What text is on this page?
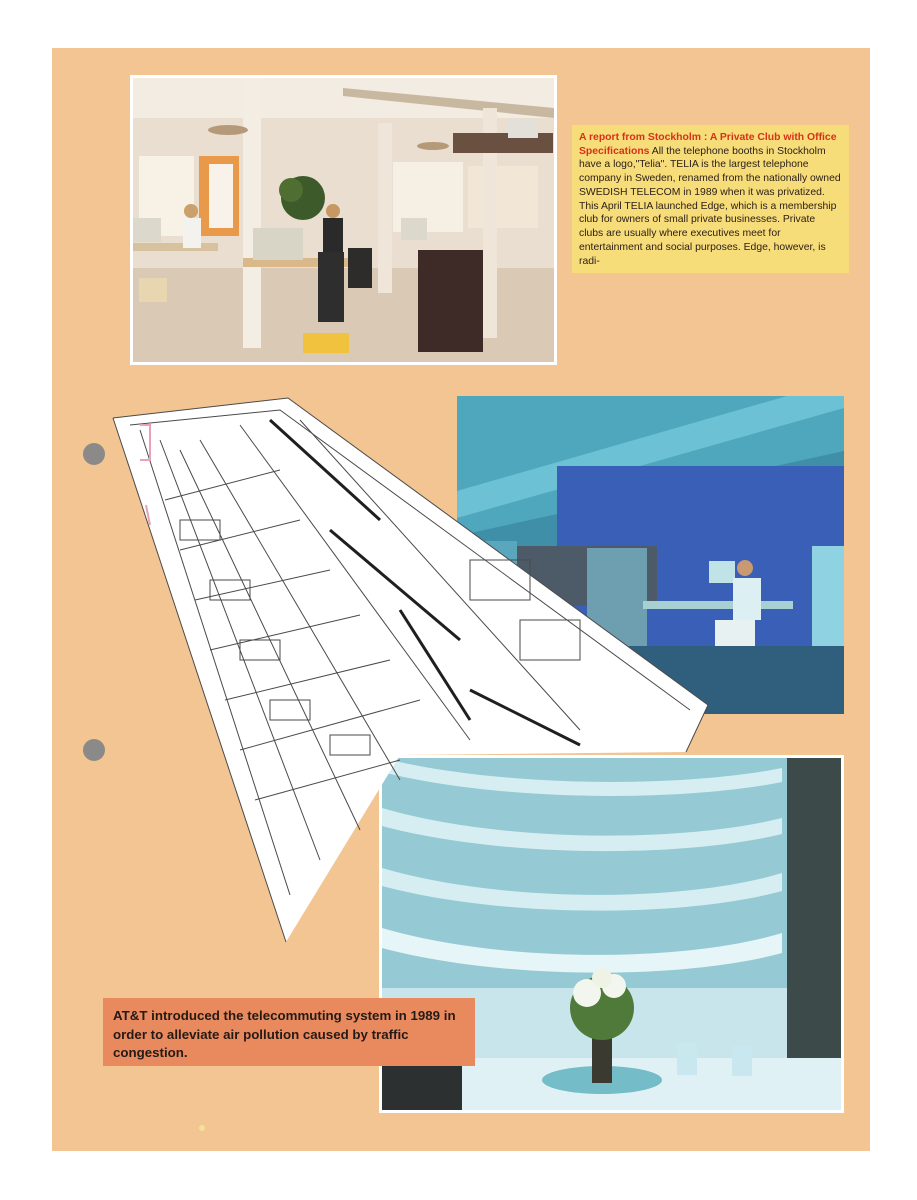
A report from Stockholm : A Private Club with Office Specifications All the telephone booths in Stockholm have a logo,"Telia". TELIA is the largest telephone company in Sweden, renamed from the nationally owned SWEDISH TELECOM in 1989 when it was privatized. This April TELIA launched Edge, which is a membership club for owners of small private businesses. Private clubs are usually where executives meet for entertainment and social purposes. Edge, however, is radi-
AT&T introduced the telecommuting system in 1989 in order to alleviate air pollution caused by traffic congestion.
